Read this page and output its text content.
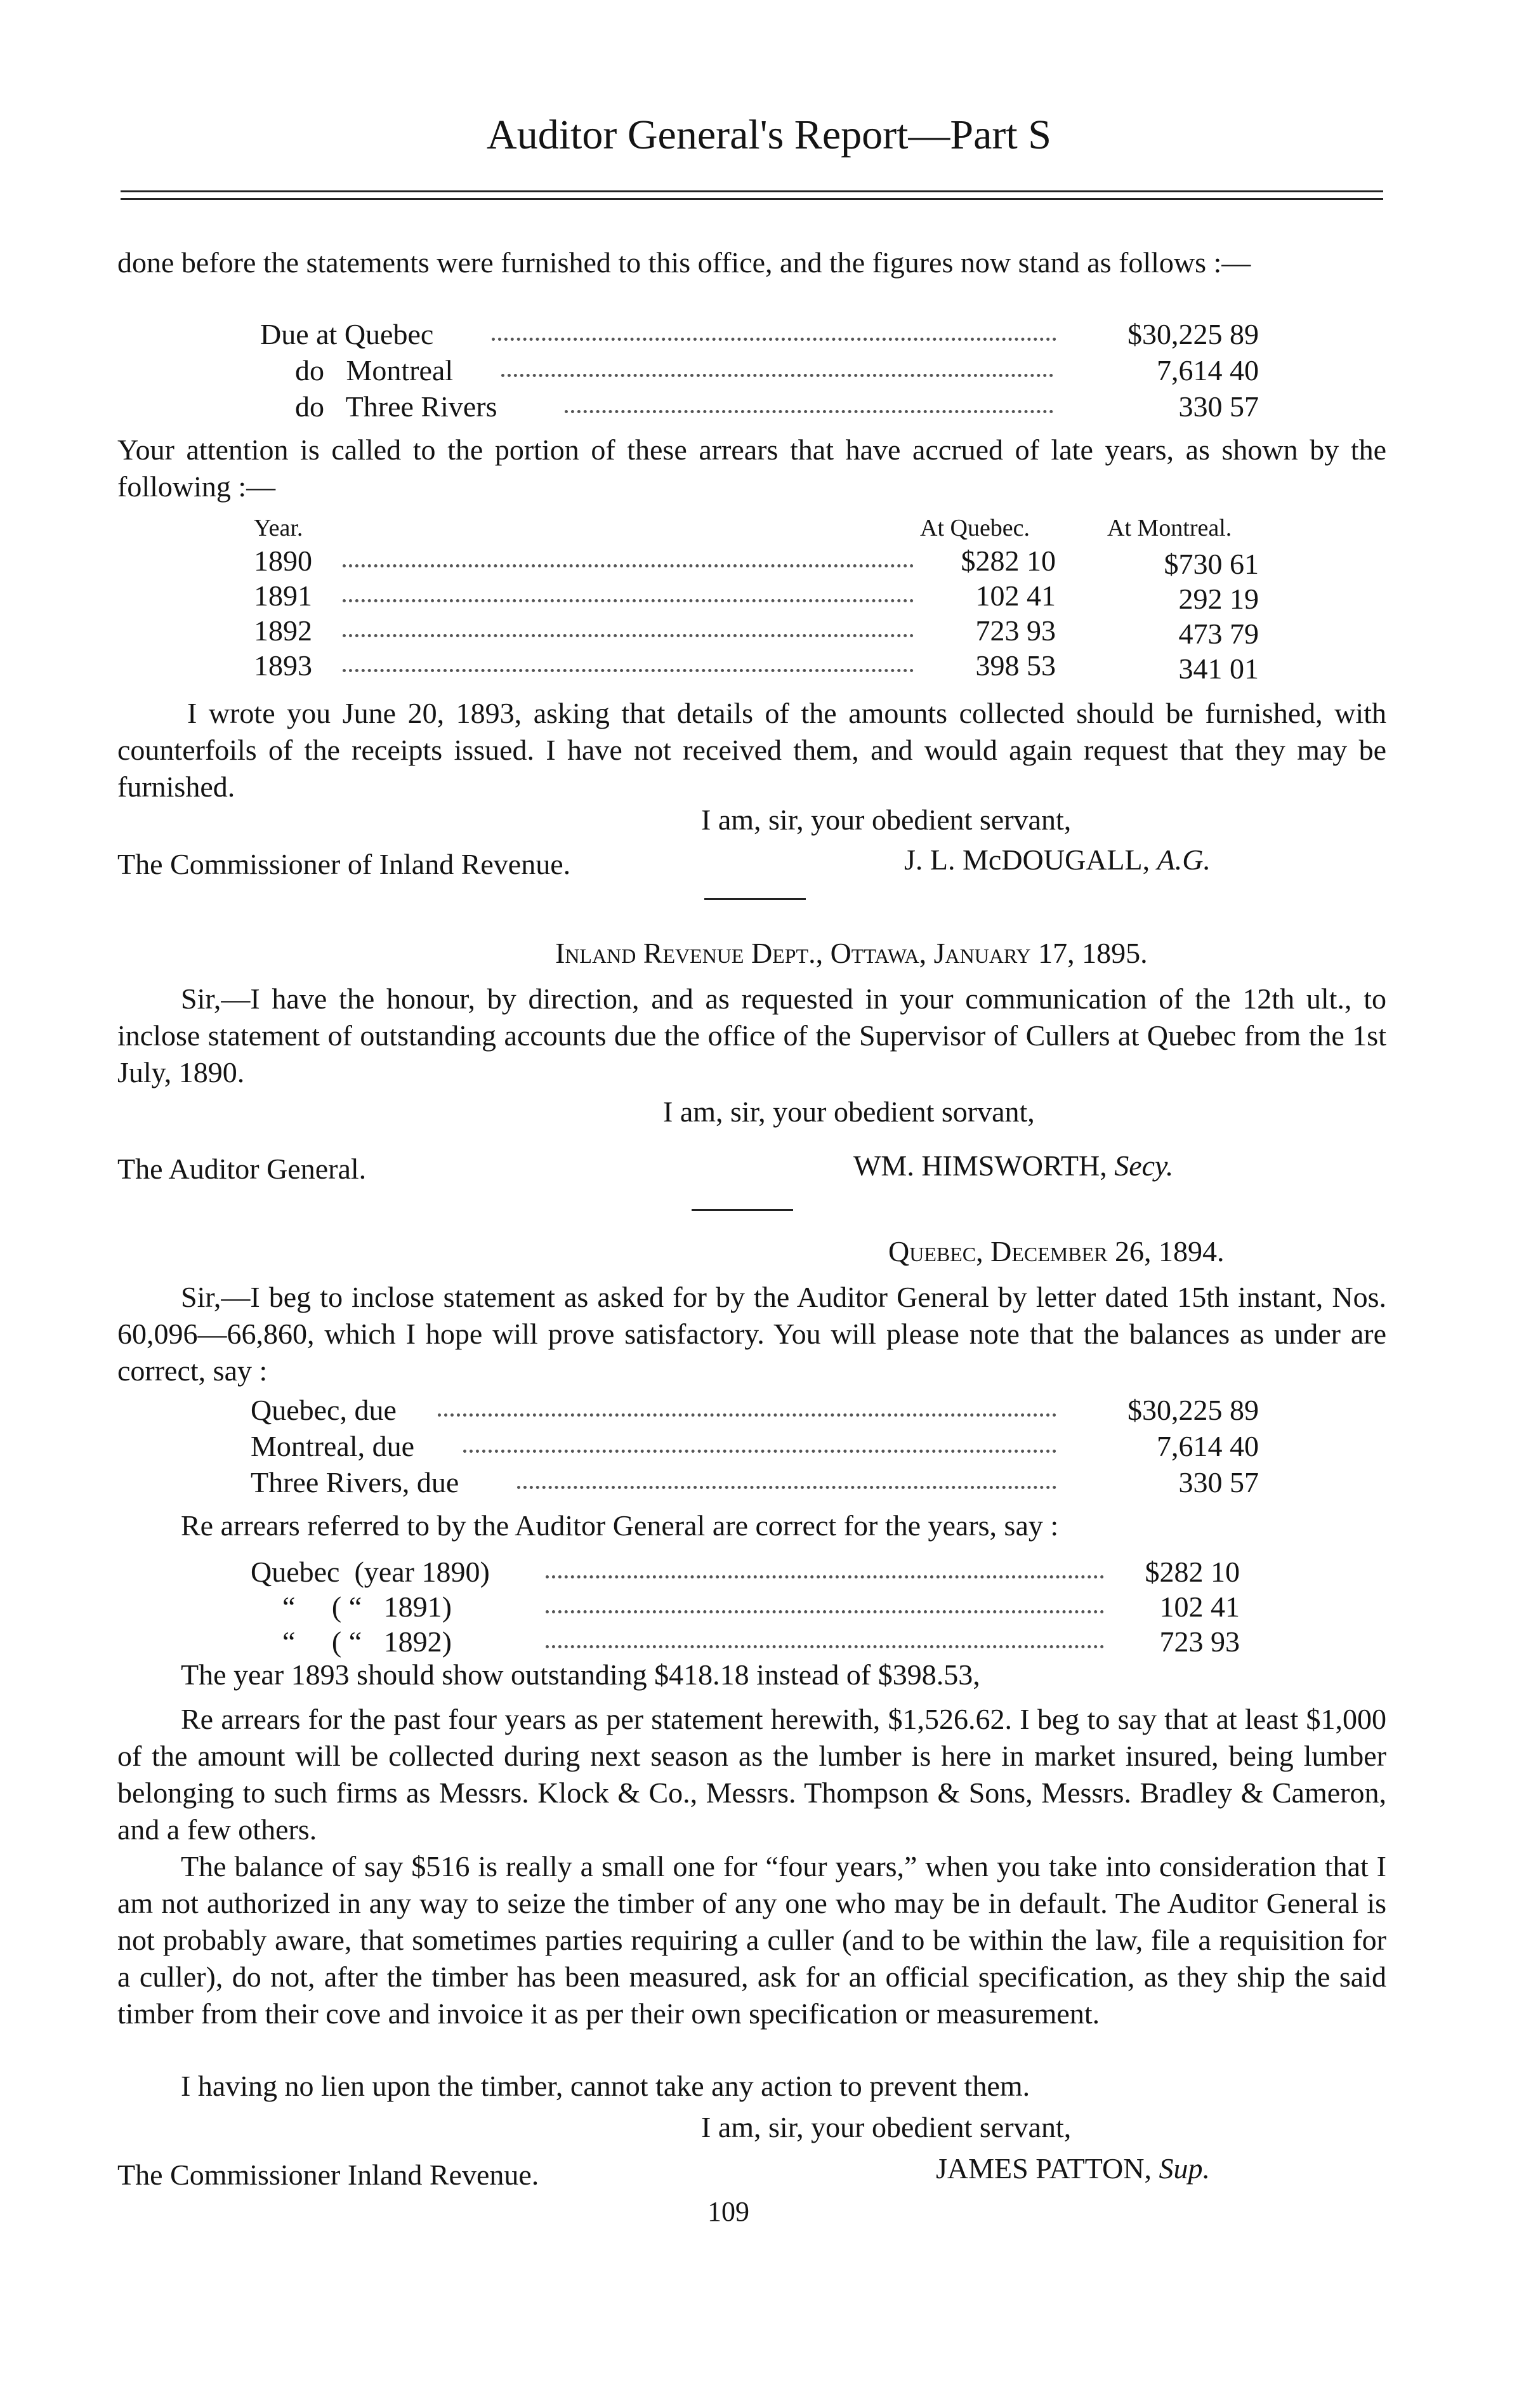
Auditor General's Report—Part S
done before the statements were furnished to this office, and the figures now stand as follows :—
Due at Quebec	$30,225 89
do   Montreal	7,614 40
do   Three Rivers	330 57
Your attention is called to the portion of these arrears that have accrued of late years, as shown by the following :—
Year.	At Quebec.	At Montreal.
1890	$282 10	$730 61
1891	102 41	292 19
1892	723 93	473 79
1893	398 53	341 01
I wrote you June 20, 1893, asking that details of the amounts collected should be furnished, with counterfoils of the receipts issued. I have not received them, and would again request that they may be furnished.
I am, sir, your obedient servant,
The Commissioner of Inland Revenue.	J. L. McDOUGALL, A.G.
Inland Revenue Dept., Ottawa, January 17, 1895.
Sir,—I have the honour, by direction, and as requested in your communication of the 12th ult., to inclose statement of outstanding accounts due the office of the Supervisor of Cullers at Quebec from the 1st July, 1890.
I am, sir, your obedient sorvant,
The Auditor General.	WM. HIMSWORTH, Secy.
Quebec, December 26, 1894.
Sir,—I beg to inclose statement as asked for by the Auditor General by letter dated 15th instant, Nos. 60,096—66,860, which I hope will prove satisfactory. You will please note that the balances as under are correct, say :
Quebec, due	$30,225 89
Montreal, due	7,614 40
Three Rivers, due	330 57
Re arrears referred to by the Auditor General are correct for the years, say :
Quebec  (year 1890)	$282 10
“     ( “   1891)	102 41
“     ( “   1892)	723 93
The year 1893 should show outstanding $418.18 instead of $398.53,
Re arrears for the past four years as per statement herewith, $1,526.62. I beg to say that at least $1,000 of the amount will be collected during next season as the lumber is here in market insured, being lumber belonging to such firms as Messrs. Klock & Co., Messrs. Thompson & Sons, Messrs. Bradley & Cameron, and a few others.
The balance of say $516 is really a small one for “four years,” when you take into consideration that I am not authorized in any way to seize the timber of any one who may be in default. The Auditor General is not probably aware, that sometimes parties requiring a culler (and to be within the law, file a requisition for a culler), do not, after the timber has been measured, ask for an official specification, as they ship the said timber from their cove and invoice it as per their own specification or measurement.
I having no lien upon the timber, cannot take any action to prevent them.
I am, sir, your obedient servant,
The Commissioner Inland Revenue.	JAMES PATTON, Sup.
109
